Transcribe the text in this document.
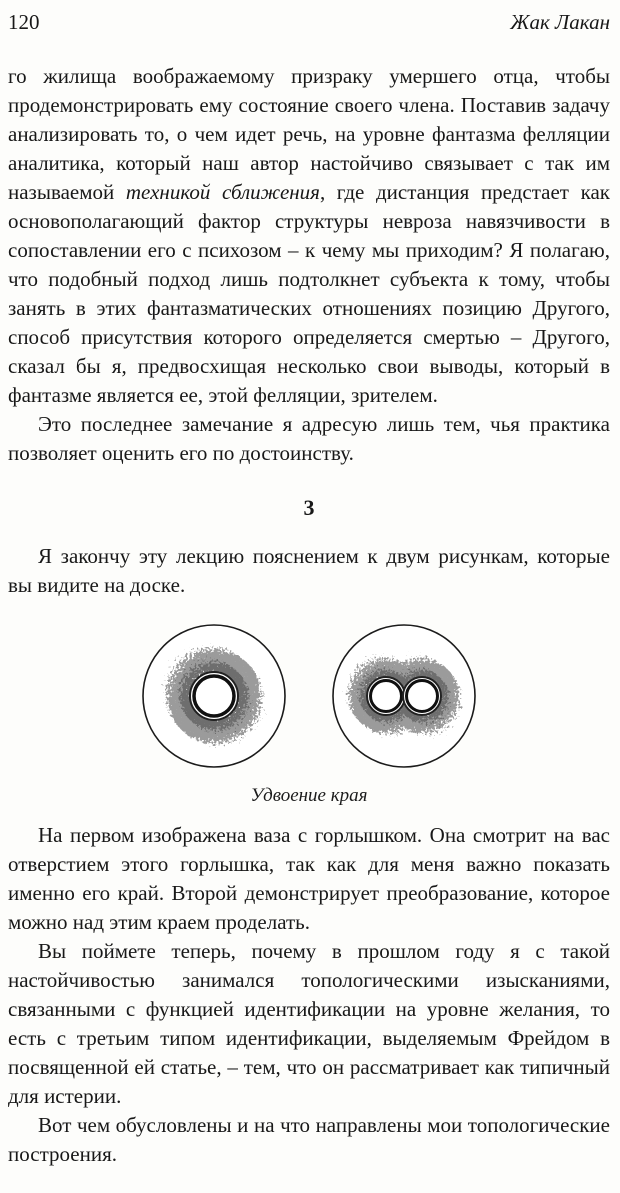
120	Жак Лакан

го жилища воображаемому призраку умершего отца, чтобы продемонстрировать ему состояние своего члена. Поставив задачу анализировать то, о чем идет речь, на уровне фантазма фелляции аналитика, который наш автор настойчиво связывает с так им называемой техникой сближения, где дистанция предстает как основополагающий фактор структуры невроза навязчивости в сопоставлении его с психозом – к чему мы приходим? Я полагаю, что подобный подход лишь подтолкнет субъекта к тому, чтобы занять в этих фантазматических отношениях позицию Другого, способ присутствия которого определяется смертью – Другого, сказал бы я, предвосхищая несколько свои выводы, который в фантазме является ее, этой фелляции, зрителем.

Это последнее замечание я адресую лишь тем, чья практика позволяет оценить его по достоинству.

3

Я закончу эту лекцию пояснением к двум рисункам, которые вы видите на доске.

Удвоение края

На первом изображена ваза с горлышком. Она смотрит на вас отверстием этого горлышка, так как для меня важно показать именно его край. Второй демонстрирует преобразование, которое можно над этим краем проделать.

Вы поймете теперь, почему в прошлом году я с такой настойчивостью занимался топологическими изысканиями, связанными с функцией идентификации на уровне желания, то есть с третьим типом идентификации, выделяемым Фрейдом в посвященной ей статье, – тем, что он рассматривает как типичный для истерии.

Вот чем обусловлены и на что направлены мои топологические построения.
